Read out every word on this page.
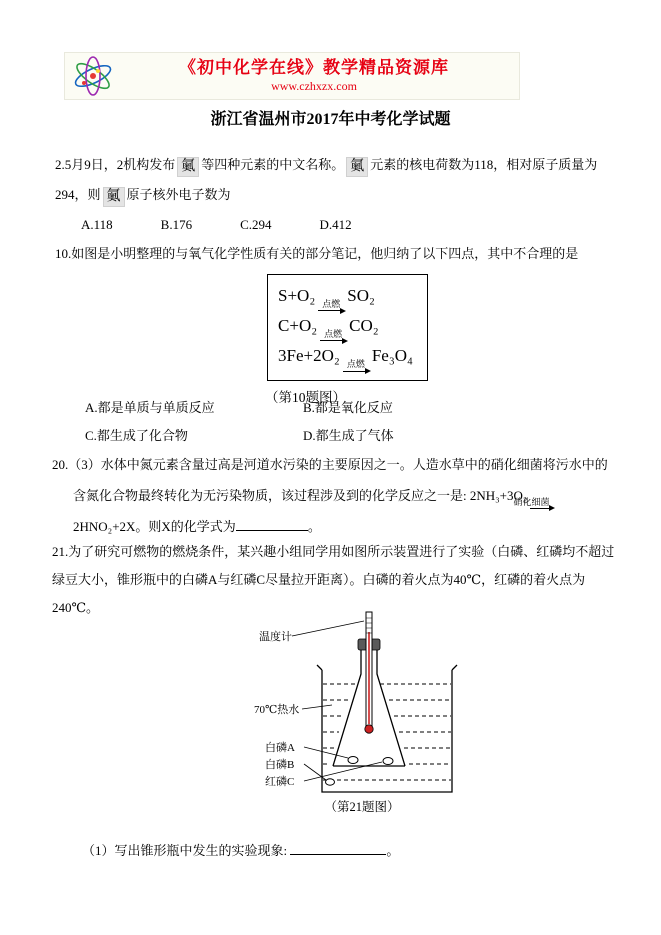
《初中化学在线》教学精品资源库
www.czhxzx.com
浙江省温州市2017年中考化学试题

2.5月9日，2机构发布 鿫 等四种元素的中文名称。 鿫 元素的核电荷数为118，相对原子质量为294，则 鿫 原子核外电子数为

A.118	B.176	C.294	D.412

10.如图是小明整理的与氧气化学性质有关的部分笔记，他归纳了以下四点，其中不合理的是

S+O₂ 点燃 SO₂
C+O₂ 点燃 CO₂
3Fe+2O₂ 点燃 Fe₃O₄
（第10题图）
A.都是单质与单质反应	B.都是氧化反应
C.都生成了化合物	D.都生成了气体

20.（3）水体中氮元素含量过高是河道水污染的主要原因之一。人造水草中的硝化细菌将污水中的含氮化合物最终转化为无污染物质，该过程涉及到的化学反应之一是: 2NH₃+3O₂
硝化细菌
2HNO₂+2X。则X的化学式为	。

21.为了研究可燃物的燃烧条件，某兴趣小组同学用如图所示装置进行了实验（白磷、红磷均不超过绿豆大小，锥形瓶中的白磷A与红磷C尽量拉开距离）。白磷的着火点为40℃，红磷的着火点为240℃。

温度计
70℃热水
白磷A
白磷B
红磷C
（第21题图）

（1）写出锥形瓶中发生的实验现象:	。
